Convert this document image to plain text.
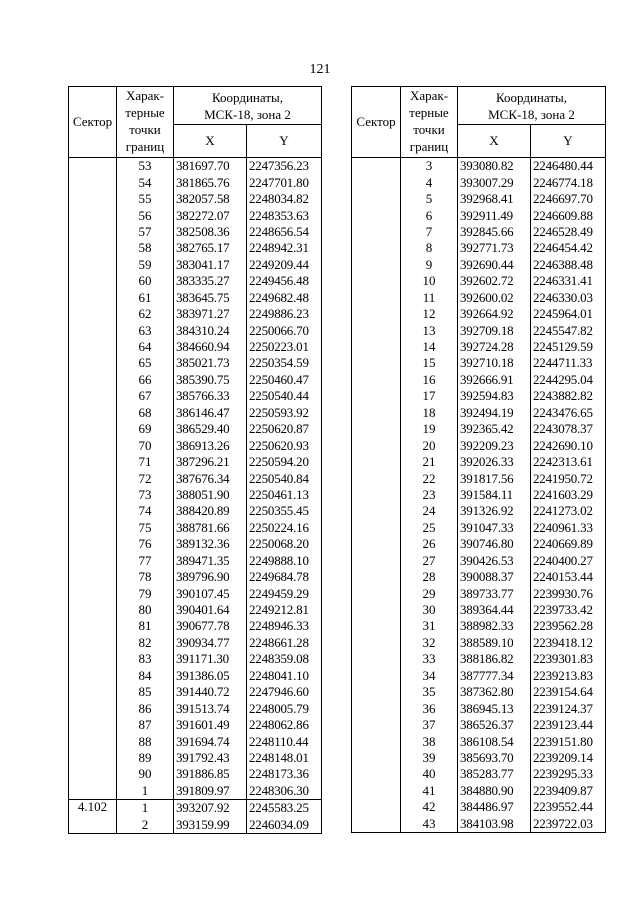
121
Сектор	Харак-
терные
точки
границ	Координаты,
МСК-18, зона 2	
		X	Y
	53	381697.70	2247356.23
	54	381865.76	2247701.80
	55	382057.58	2248034.82
	56	382272.07	2248353.63
	57	382508.36	2248656.54
	58	382765.17	2248942.31
	59	383041.17	2249209.44
	60	383335.27	2249456.48
	61	383645.75	2249682.48
	62	383971.27	2249886.23
	63	384310.24	2250066.70
	64	384660.94	2250223.01
	65	385021.73	2250354.59
	66	385390.75	2250460.47
	67	385766.33	2250540.44
	68	386146.47	2250593.92
	69	386529.40	2250620.87
	70	386913.26	2250620.93
	71	387296.21	2250594.20
	72	387676.34	2250540.84
	73	388051.90	2250461.13
	74	388420.89	2250355.45
	75	388781.66	2250224.16
	76	389132.36	2250068.20
	77	389471.35	2249888.10
	78	389796.90	2249684.78
	79	390107.45	2249459.29
	80	390401.64	2249212.81
	81	390677.78	2248946.33
	82	390934.77	2248661.28
	83	391171.30	2248359.08
	84	391386.05	2248041.10
	85	391440.72	2247946.60
	86	391513.74	2248005.79
	87	391601.49	2248062.86
	88	391694.74	2248110.44
	89	391792.43	2248148.01
	90	391886.85	2248173.36
	1	391809.97	2248306.30
4.102	1	393207.92	2245583.25
	2	393159.99	2246034.09
Сектор	Харак-
терные
точки
границ	Координаты,
МСК-18, зона 2	
		X	Y
	3	393080.82	2246480.44
	4	393007.29	2246774.18
	5	392968.41	2246697.70
	6	392911.49	2246609.88
	7	392845.66	2246528.49
	8	392771.73	2246454.42
	9	392690.44	2246388.48
	10	392602.72	2246331.41
	11	392600.02	2246330.03
	12	392664.92	2245964.01
	13	392709.18	2245547.82
	14	392724.28	2245129.59
	15	392710.18	2244711.33
	16	392666.91	2244295.04
	17	392594.83	2243882.82
	18	392494.19	2243476.65
	19	392365.42	2243078.37
	20	392209.23	2242690.10
	21	392026.33	2242313.61
	22	391817.56	2241950.72
	23	391584.11	2241603.29
	24	391326.92	2241273.02
	25	391047.33	2240961.33
	26	390746.80	2240669.89
	27	390426.53	2240400.27
	28	390088.37	2240153.44
	29	389733.77	2239930.76
	30	389364.44	2239733.42
	31	388982.33	2239562.28
	32	388589.10	2239418.12
	33	388186.82	2239301.83
	34	387777.34	2239213.83
	35	387362.80	2239154.64
	36	386945.13	2239124.37
	37	386526.37	2239123.44
	38	386108.54	2239151.80
	39	385693.70	2239209.14
	40	385283.77	2239295.33
	41	384880.90	2239409.87
	42	384486.97	2239552.44
	43	384103.98	2239722.03
